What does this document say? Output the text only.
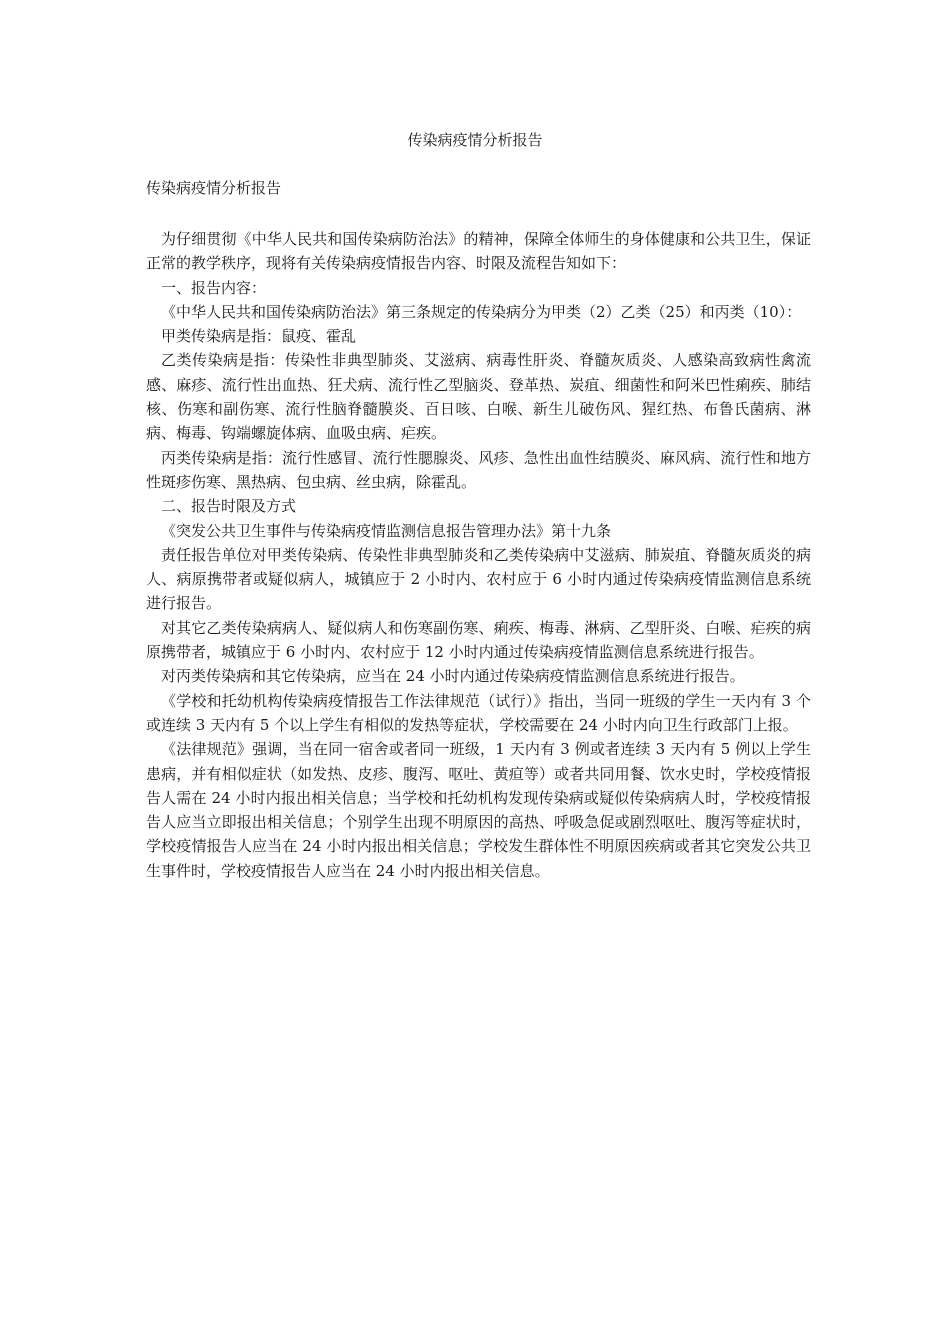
传染病疫情分析报告
传染病疫情分析报告

为仔细贯彻《中华人民共和国传染病防治法》的精神，保障全体师生的身体健康和公共卫生，保证正常的教学秩序，现将有关传染病疫情报告内容、时限及流程告知如下：

一、报告内容：

《中华人民共和国传染病防治法》第三条规定的传染病分为甲类（2）乙类（25）和丙类（10）：

甲类传染病是指：鼠疫、霍乱

乙类传染病是指：传染性非典型肺炎、艾滋病、病毒性肝炎、脊髓灰质炎、人感染高致病性禽流感、麻疹、流行性出血热、狂犬病、流行性乙型脑炎、登革热、炭疽、细菌性和阿米巴性痢疾、肺结核、伤寒和副伤寒、流行性脑脊髓膜炎、百日咳、白喉、新生儿破伤风、猩红热、布鲁氏菌病、淋病、梅毒、钩端螺旋体病、血吸虫病、疟疾。

丙类传染病是指：流行性感冒、流行性腮腺炎、风疹、急性出血性结膜炎、麻风病、流行性和地方性斑疹伤寒、黑热病、包虫病、丝虫病，除霍乱。

二、报告时限及方式

《突发公共卫生事件与传染病疫情监测信息报告管理办法》第十九条

责任报告单位对甲类传染病、传染性非典型肺炎和乙类传染病中艾滋病、肺炭疽、脊髓灰质炎的病人、病原携带者或疑似病人，城镇应于 2 小时内、农村应于 6 小时内通过传染病疫情监测信息系统进行报告。

对其它乙类传染病病人、疑似病人和伤寒副伤寒、痢疾、梅毒、淋病、乙型肝炎、白喉、疟疾的病原携带者，城镇应于 6 小时内、农村应于 12 小时内通过传染病疫情监测信息系统进行报告。

对丙类传染病和其它传染病，应当在 24 小时内通过传染病疫情监测信息系统进行报告。

《学校和托幼机构传染病疫情报告工作法律规范（试行）》指出，当同一班级的学生一天内有 3 个或连续 3 天内有 5 个以上学生有相似的发热等症状，学校需要在 24 小时内向卫生行政部门上报。

《法律规范》强调，当在同一宿舍或者同一班级，1 天内有 3 例或者连续 3 天内有 5 例以上学生患病，并有相似症状（如发热、皮疹、腹泻、呕吐、黄疸等）或者共同用餐、饮水史时，学校疫情报告人需在 24 小时内报出相关信息；当学校和托幼机构发现传染病或疑似传染病病人时，学校疫情报告人应当立即报出相关信息；个别学生出现不明原因的高热、呼吸急促或剧烈呕吐、腹泻等症状时，学校疫情报告人应当在 24 小时内报出相关信息；学校发生群体性不明原因疾病或者其它突发公共卫生事件时，学校疫情报告人应当在 24 小时内报出相关信息。
